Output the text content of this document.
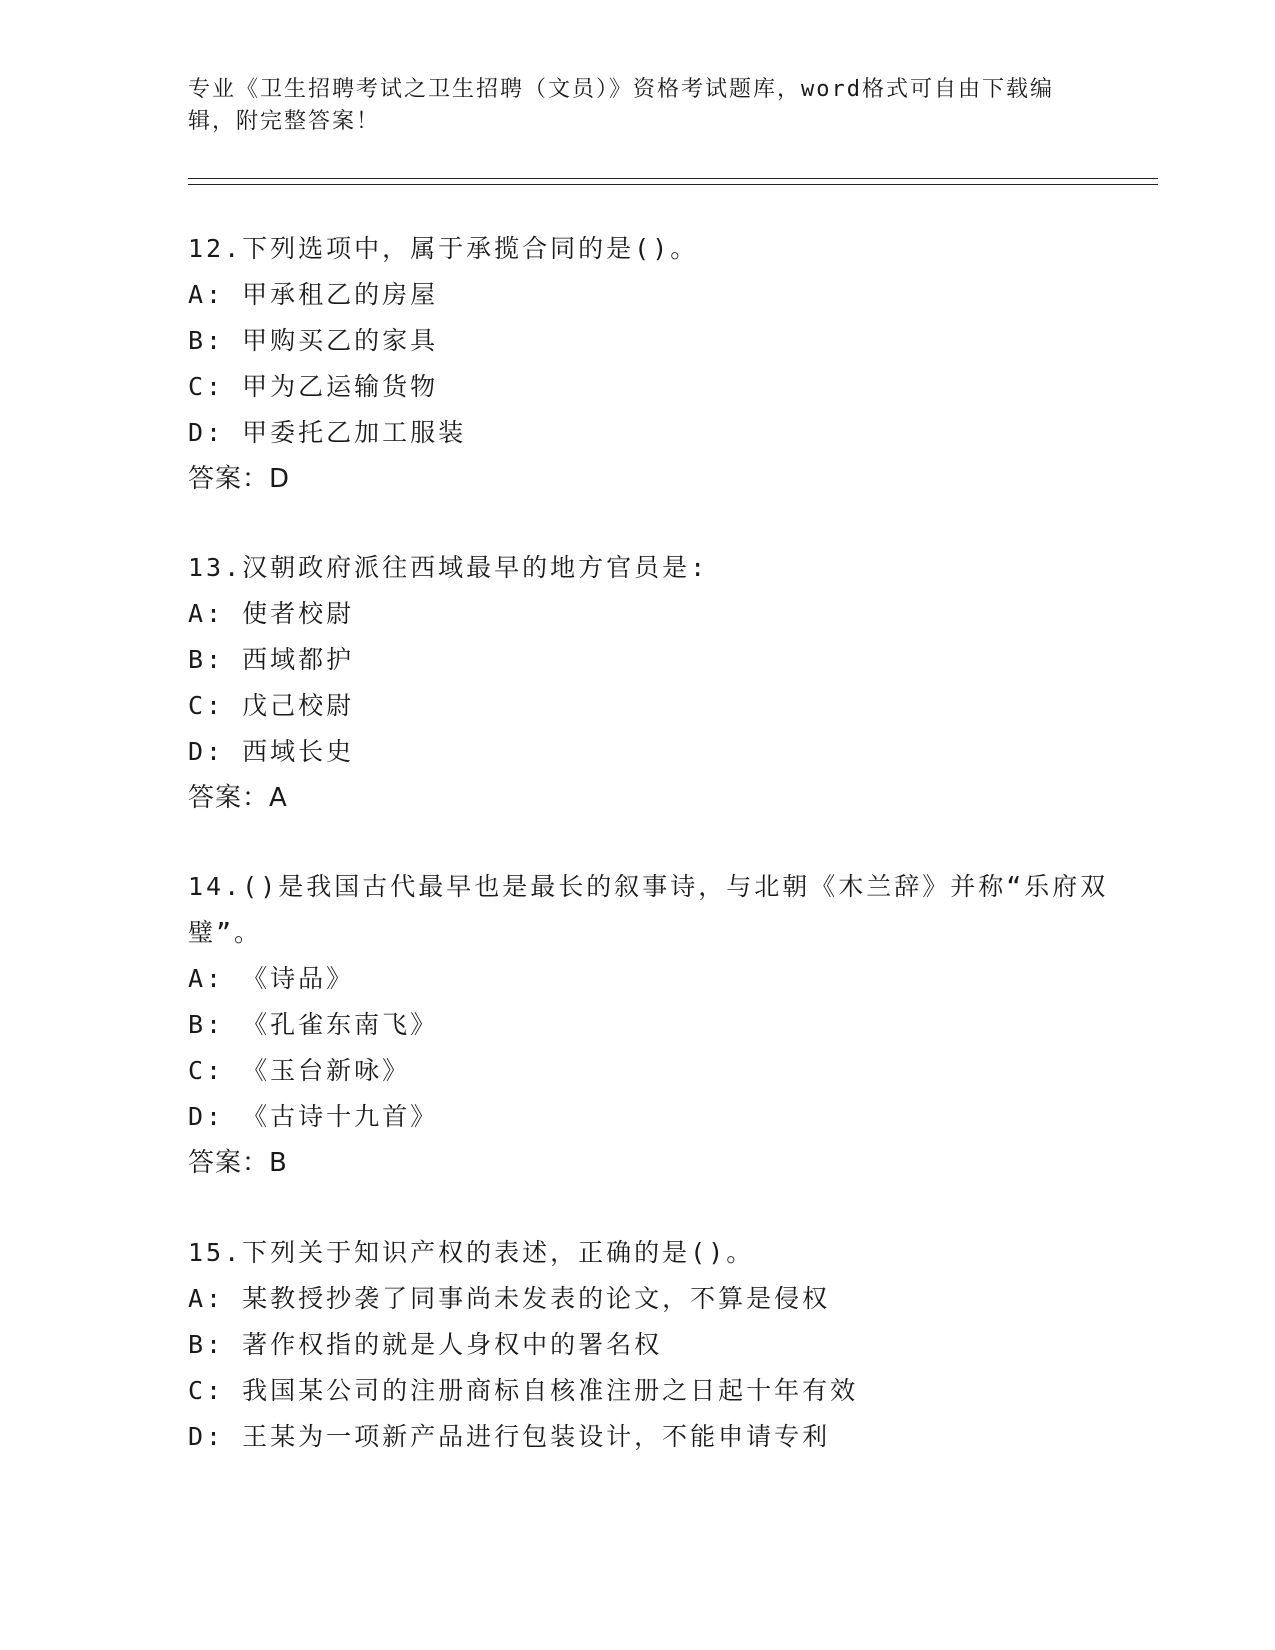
专业《卫生招聘考试之卫生招聘（文员）》资格考试题库，word格式可自由下载编辑，附完整答案！
12.下列选项中，属于承揽合同的是()。
A: 甲承租乙的房屋
B: 甲购买乙的家具
C: 甲为乙运输货物
D: 甲委托乙加工服装
答案：D
13.汉朝政府派往西域最早的地方官员是:
A: 使者校尉
B: 西域都护
C: 戊己校尉
D: 西域长史
答案：A
14.()是我国古代最早也是最长的叙事诗，与北朝《木兰辞》并称“乐府双璧”。
A: 《诗品》
B: 《孔雀东南飞》
C: 《玉台新咏》
D: 《古诗十九首》
答案：B
15.下列关于知识产权的表述，正确的是()。
A: 某教授抄袭了同事尚未发表的论文，不算是侵权
B: 著作权指的就是人身权中的署名权
C: 我国某公司的注册商标自核准注册之日起十年有效
D: 王某为一项新产品进行包装设计，不能申请专利
